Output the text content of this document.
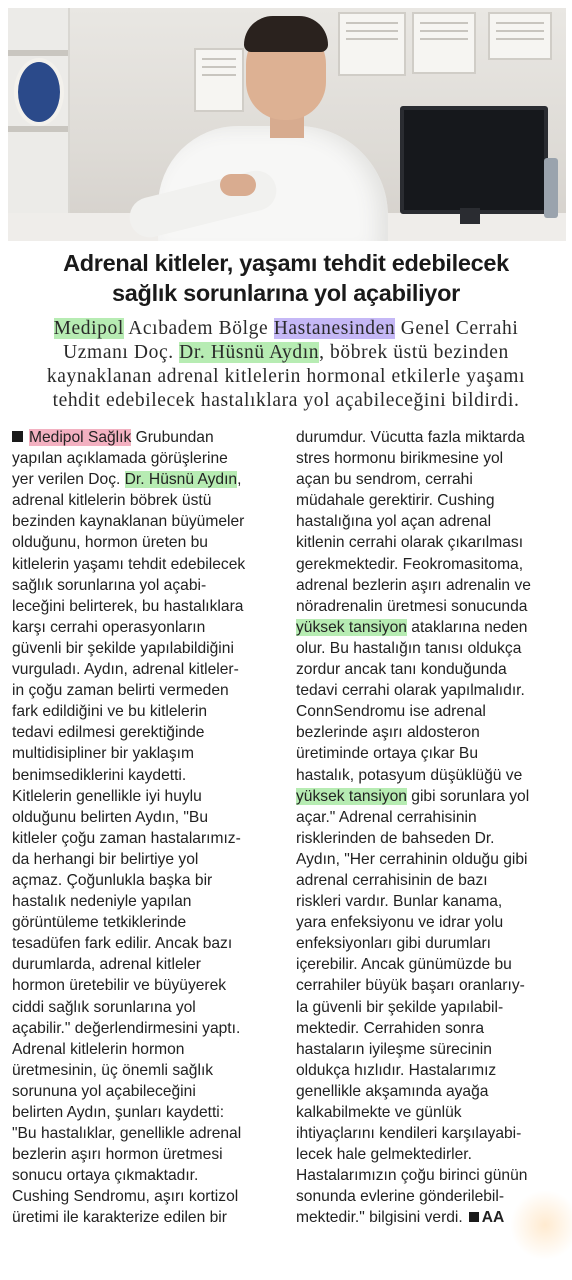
Adrenal kitleler, yaşamı tehdit edebilecek
sağlık sorunlarına yol açabiliyor
Medipol Acıbadem Bölge Hastanesinden Genel Cerrahi
Uzmanı Doç. Dr. Hüsnü Aydın, böbrek üstü bezinden
kaynaklanan adrenal kitlelerin hormonal etkilerle yaşamı
tehdit edebilecek hastalıklara yol açabileceğini bildirdi.
Medipol Sağlık Grubundan
yapılan açıklamada görüşlerine
yer verilen Doç. Dr. Hüsnü Aydın,
adrenal kitlelerin böbrek üstü
bezinden kaynaklanan büyümeler
olduğunu, hormon üreten bu
kitlelerin yaşamı tehdit edebilecek
sağlık sorunlarına yol açabi-
leceğini belirterek, bu hastalıklara
karşı cerrahi operasyonların
güvenli bir şekilde yapılabildiğini
vurguladı. Aydın, adrenal kitleler-
in çoğu zaman belirti vermeden
fark edildiğini ve bu kitlelerin
tedavi edilmesi gerektiğinde
multidisipliner bir yaklaşım
benimsediklerini kaydetti.
Kitlelerin genellikle iyi huylu
olduğunu belirten Aydın, "Bu
kitleler çoğu zaman hastalarımız-
da herhangi bir belirtiye yol
açmaz. Çoğunlukla başka bir
hastalık nedeniyle yapılan
görüntüleme tetkiklerinde
tesadüfen fark edilir. Ancak bazı
durumlarda, adrenal kitleler
hormon üretebilir ve büyüyerek
ciddi sağlık sorunlarına yol
açabilir." değerlendirmesini yaptı.
Adrenal kitlelerin hormon
üretmesinin, üç önemli sağlık
sorununa yol açabileceğini
belirten Aydın, şunları kaydetti:
"Bu hastalıklar, genellikle adrenal
bezlerin aşırı hormon üretmesi
sonucu ortaya çıkmaktadır.
Cushing Sendromu, aşırı kortizol
üretimi ile karakterize edilen bir
durumdur. Vücutta fazla miktarda
stres hormonu birikmesine yol
açan bu sendrom, cerrahi
müdahale gerektirir. Cushing
hastalığına yol açan adrenal
kitlenin cerrahi olarak çıkarılması
gerekmektedir. Feokromasitoma,
adrenal bezlerin aşırı adrenalin ve
nöradrenalin üretmesi sonucunda
yüksek tansiyon ataklarına neden
olur. Bu hastalığın tanısı oldukça
zordur ancak tanı konduğunda
tedavi cerrahi olarak yapılmalıdır.
ConnSendromu ise adrenal
bezlerinde aşırı aldosteron
üretiminde ortaya çıkar Bu
hastalık, potasyum düşüklüğü ve
yüksek tansiyon gibi sorunlara yol
açar." Adrenal cerrahisinin
risklerinden de bahseden Dr.
Aydın, "Her cerrahinin olduğu gibi
adrenal cerrahisinin de bazı
riskleri vardır. Bunlar kanama,
yara enfeksiyonu ve idrar yolu
enfeksiyonları gibi durumları
içerebilir. Ancak günümüzde bu
cerrahiler büyük başarı oranlarıy-
la güvenli bir şekilde yapılabil-
mektedir. Cerrahiden sonra
hastaların iyileşme sürecinin
oldukça hızlıdır. Hastalarımız
genellikle akşamında ayağa
kalkabilmekte ve günlük
ihtiyaçlarını kendileri karşılayabi-
lecek hale gelmektedirler.
Hastalarımızın çoğu birinci günün
sonunda evlerine gönderilebil-
mektedir." bilgisini verdi. AA
